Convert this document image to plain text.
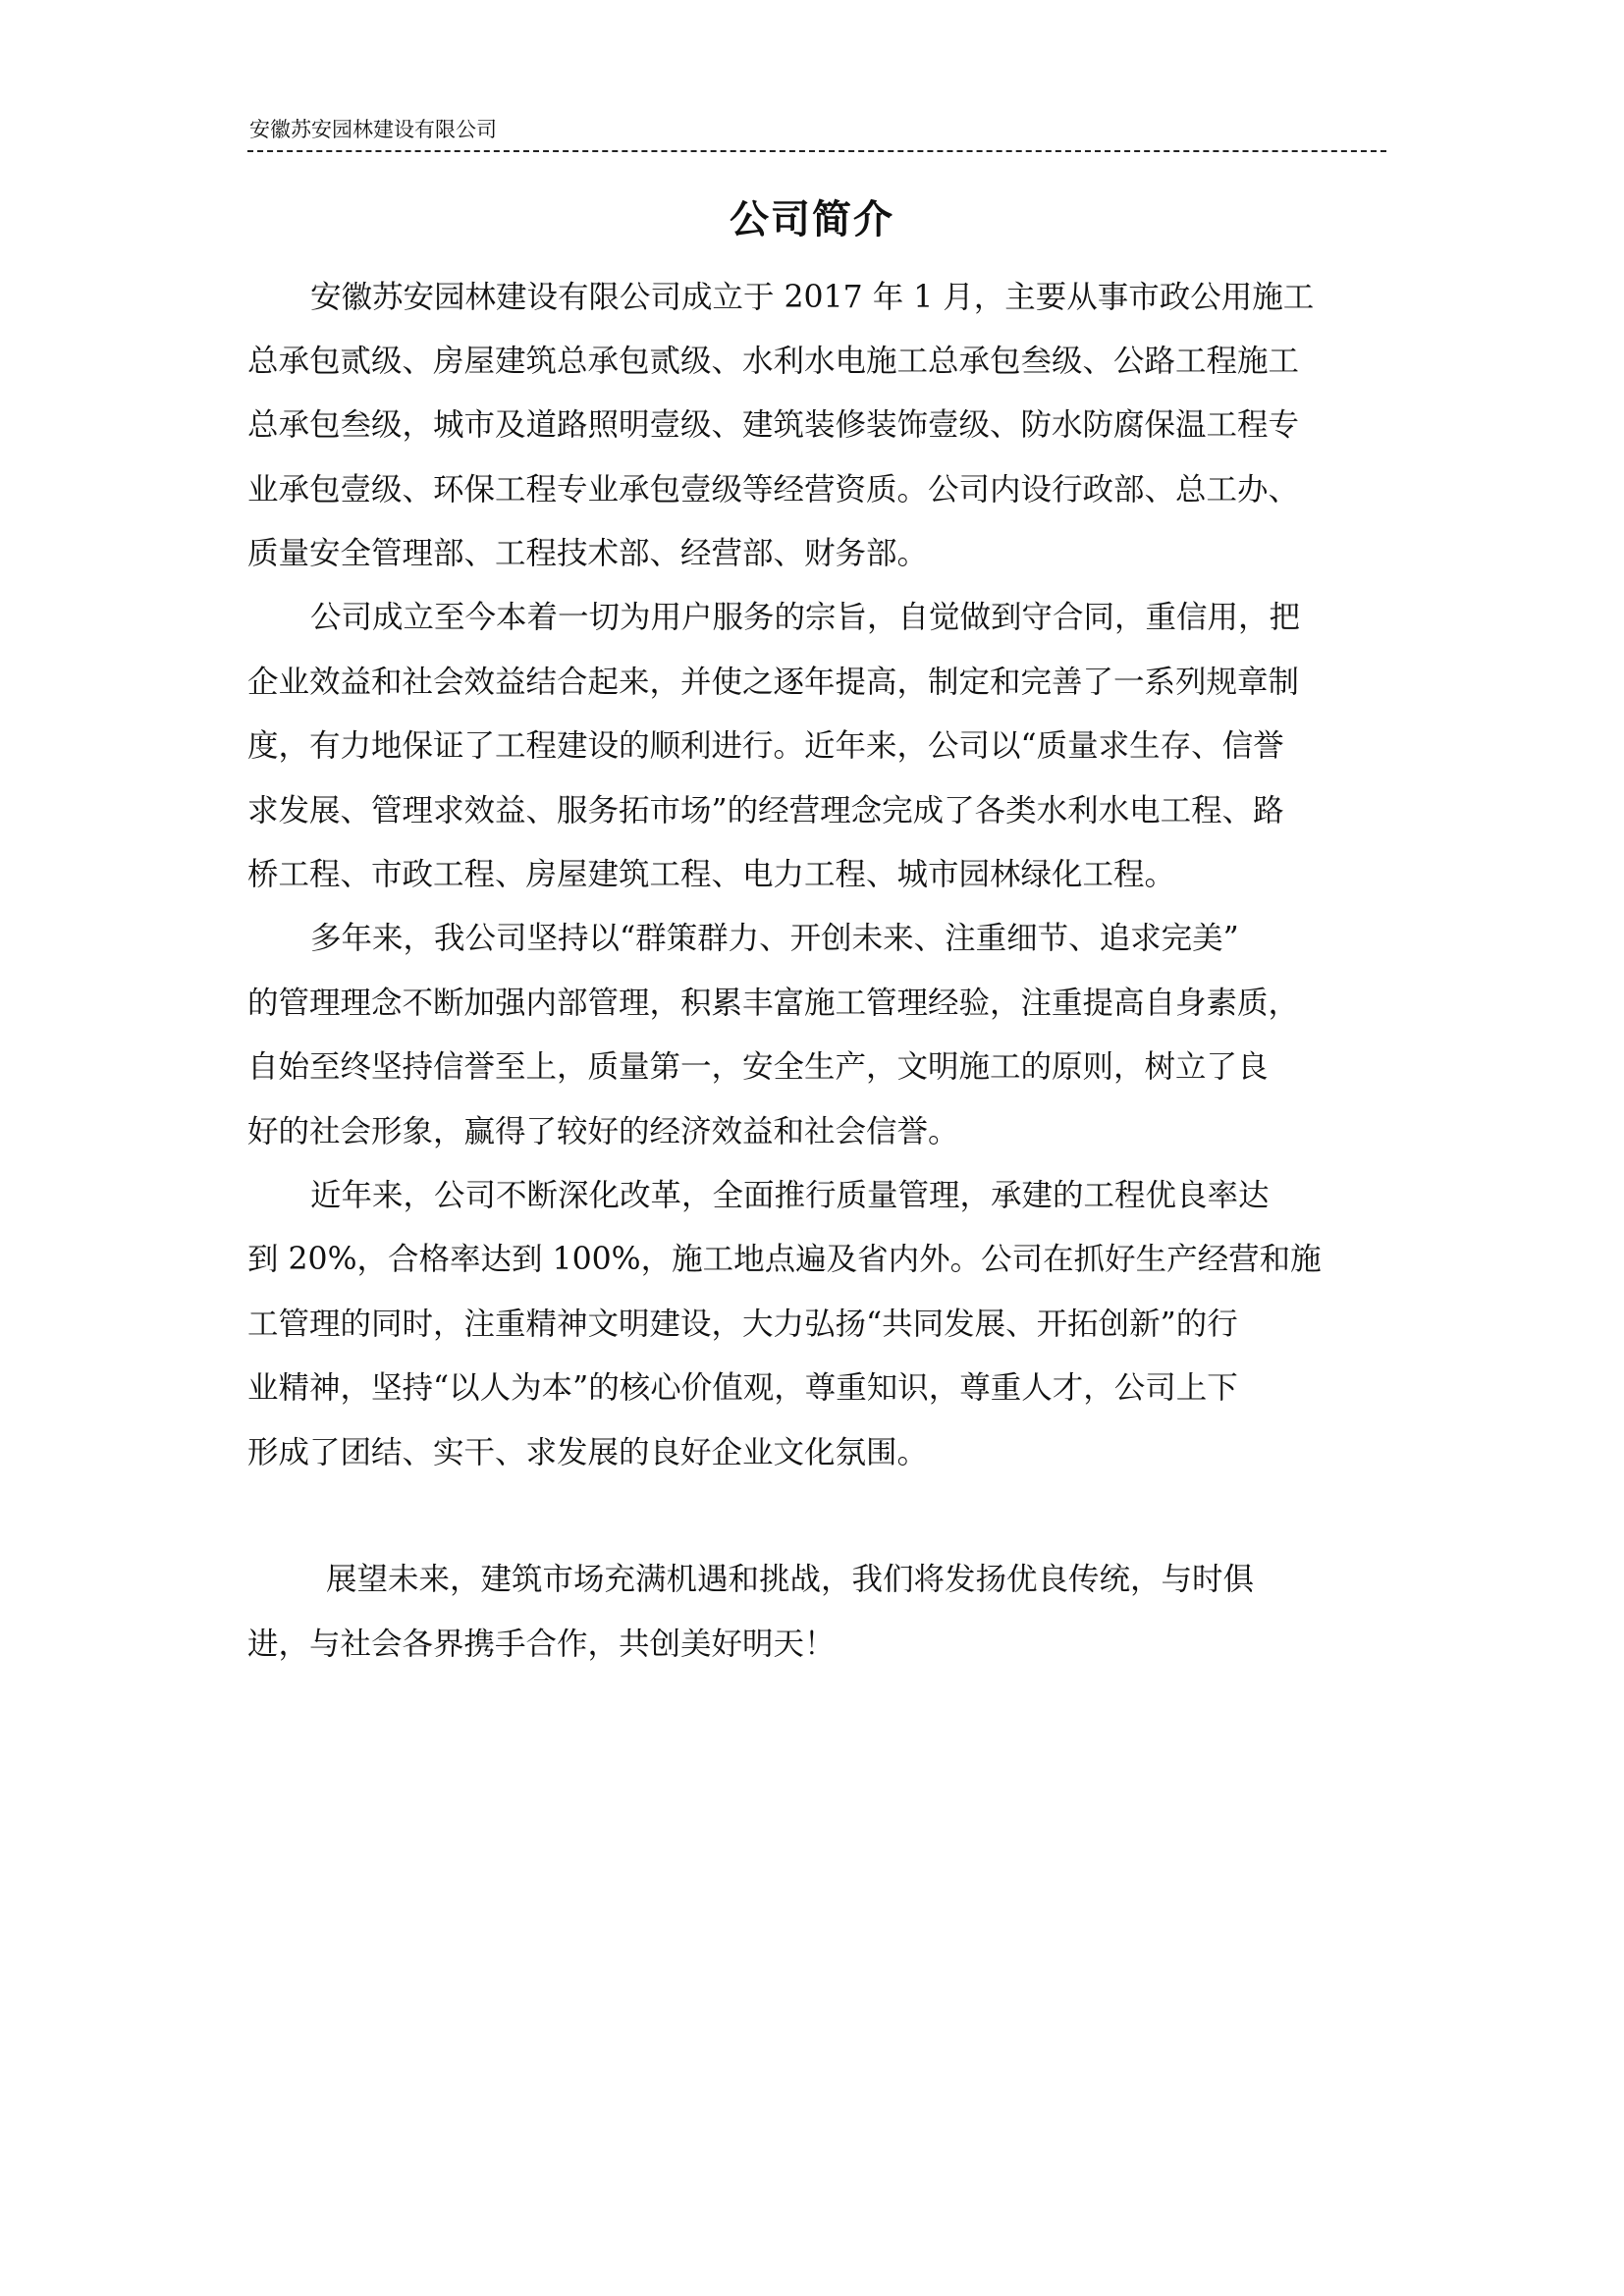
安徽苏安园林建设有限公司
公司简介
安徽苏安园林建设有限公司成立于 2017 年 1 月，主要从事市政公用施工
总承包贰级、房屋建筑总承包贰级、水利水电施工总承包叁级、公路工程施工
总承包叁级，城市及道路照明壹级、建筑装修装饰壹级、防水防腐保温工程专
业承包壹级、环保工程专业承包壹级等经营资质。公司内设行政部、总工办、
质量安全管理部、工程技术部、经营部、财务部。
公司成立至今本着一切为用户服务的宗旨，自觉做到守合同，重信用，把
企业效益和社会效益结合起来，并使之逐年提高，制定和完善了一系列规章制
度，有力地保证了工程建设的顺利进行。近年来，公司以“质量求生存、信誉
求发展、管理求效益、服务拓市场”的经营理念完成了各类水利水电工程、路
桥工程、市政工程、房屋建筑工程、电力工程、城市园林绿化工程。
多年来，我公司坚持以“群策群力、开创未来、注重细节、追求完美”
的管理理念不断加强内部管理，积累丰富施工管理经验，注重提高自身素质，
自始至终坚持信誉至上，质量第一，安全生产，文明施工的原则，树立了良
好的社会形象，赢得了较好的经济效益和社会信誉。
近年来，公司不断深化改革，全面推行质量管理，承建的工程优良率达
到 20%，合格率达到 100%，施工地点遍及省内外。公司在抓好生产经营和施
工管理的同时，注重精神文明建设，大力弘扬“共同发展、开拓创新”的行
业精神，坚持“以人为本”的核心价值观，尊重知识，尊重人才，公司上下
形成了团结、实干、求发展的良好企业文化氛围。
展望未来，建筑市场充满机遇和挑战，我们将发扬优良传统，与时俱
进，与社会各界携手合作，共创美好明天！
